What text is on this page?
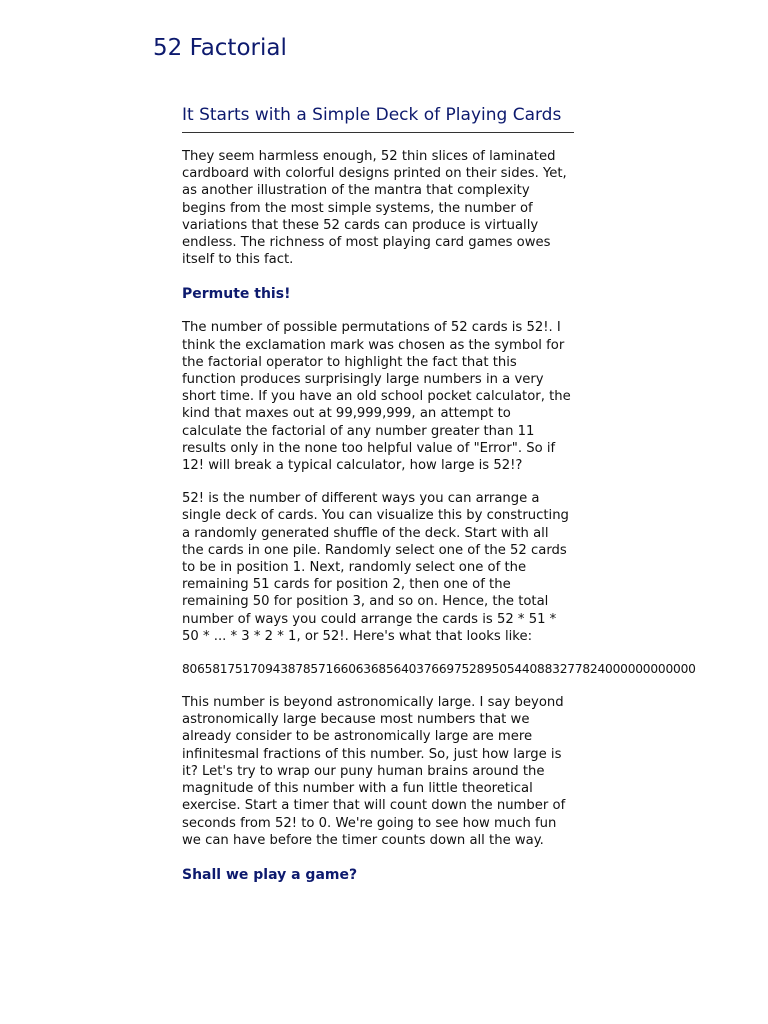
52 Factorial
It Starts with a Simple Deck of Playing Cards

They seem harmless enough, 52 thin slices of laminated cardboard with colorful designs printed on their sides. Yet, as another illustration of the mantra that complexity begins from the most simple systems, the number of variations that these 52 cards can produce is virtually endless. The richness of most playing card games owes itself to this fact.

Permute this!

The number of possible permutations of 52 cards is 52!. I think the exclamation mark was chosen as the symbol for the factorial operator to highlight the fact that this function produces surprisingly large numbers in a very short time. If you have an old school pocket calculator, the kind that maxes out at 99,999,999, an attempt to calculate the factorial of any number greater than 11 results only in the none too helpful value of "Error". So if 12! will break a typical calculator, how large is 52!?

52! is the number of different ways you can arrange a single deck of cards. You can visualize this by constructing a randomly generated shuffle of the deck. Start with all the cards in one pile. Randomly select one of the 52 cards to be in position 1. Next, randomly select one of the remaining 51 cards for position 2, then one of the remaining 50 for position 3, and so on. Hence, the total number of ways you could arrange the cards is 52 * 51 * 50 * ... * 3 * 2 * 1, or 52!. Here's what that looks like:

80658175170943878571660636856403766975289505440883277824000000000000

This number is beyond astronomically large. I say beyond astronomically large because most numbers that we already consider to be astronomically large are mere infinitesmal fractions of this number. So, just how large is it? Let's try to wrap our puny human brains around the magnitude of this number with a fun little theoretical exercise. Start a timer that will count down the number of seconds from 52! to 0. We're going to see how much fun we can have before the timer counts down all the way.

Shall we play a game?
